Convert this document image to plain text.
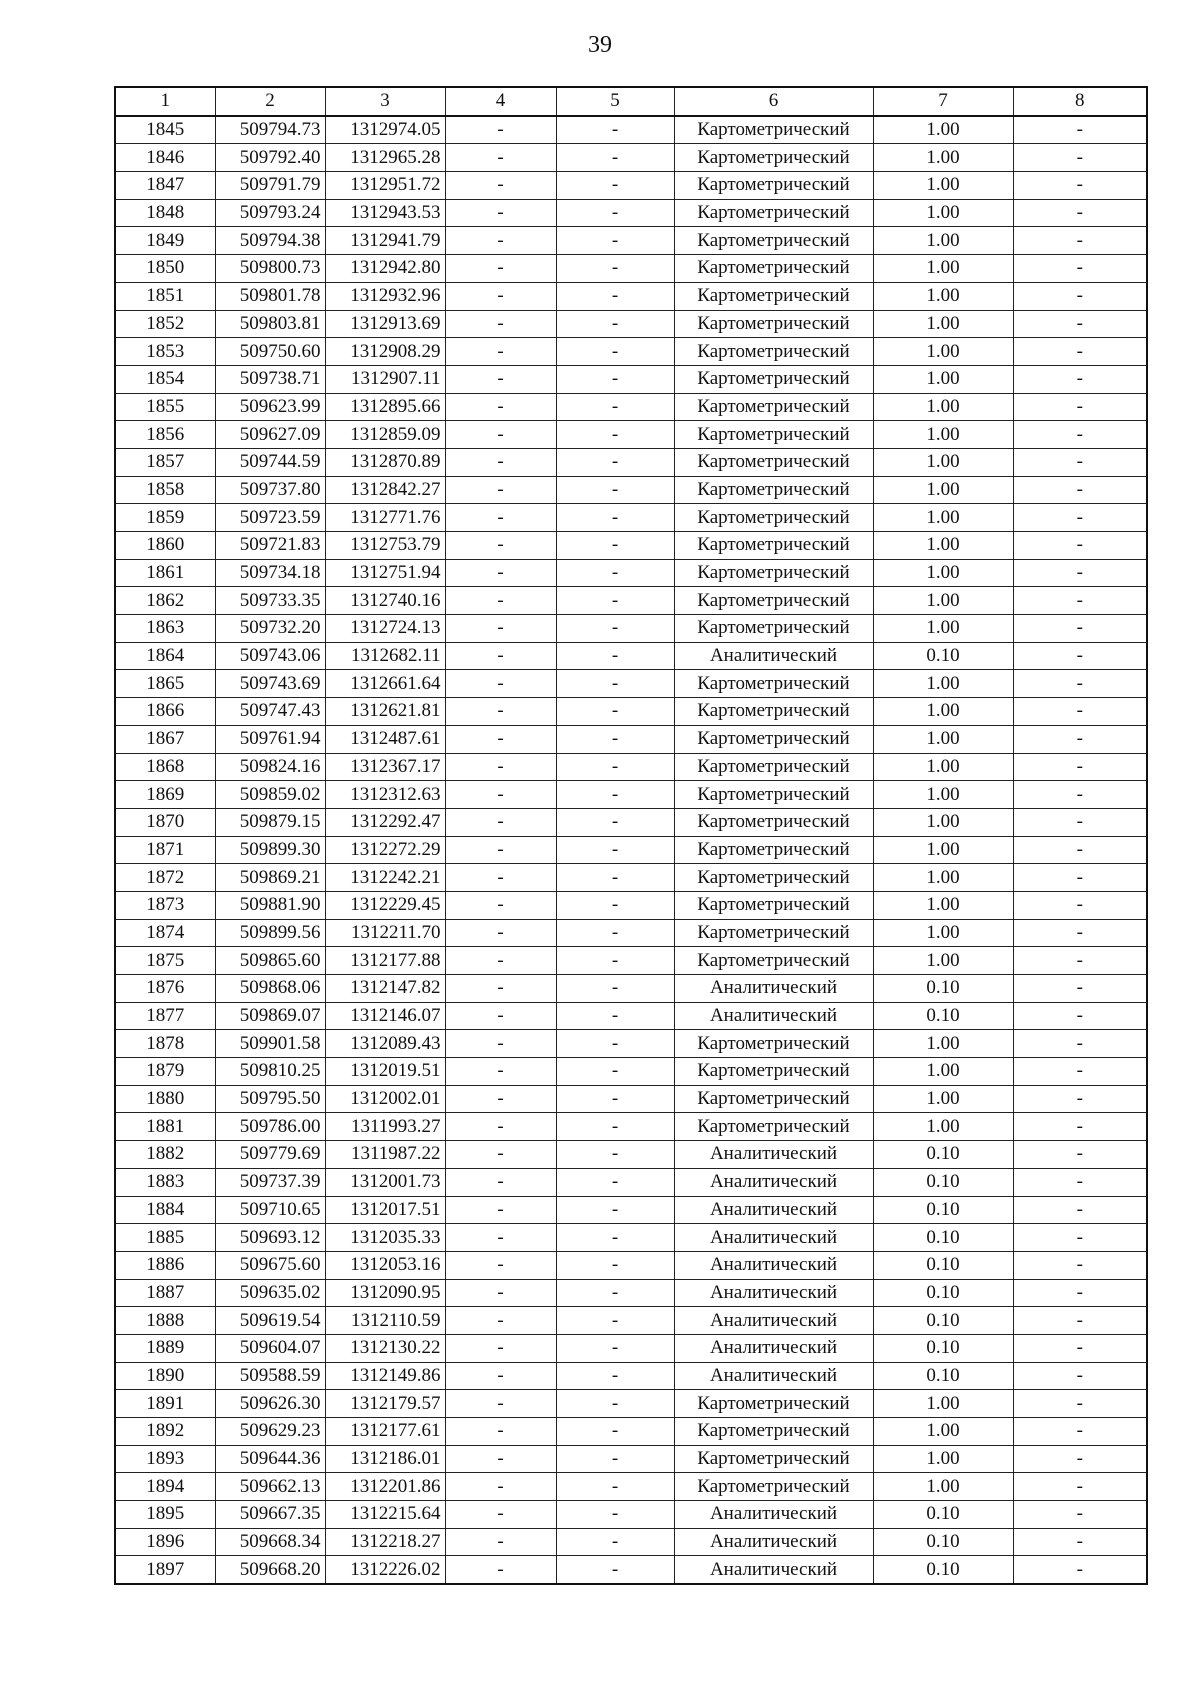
39
1	2	3	4	5	6	7	8
1845	509794.73	1312974.05	-	-	Картометрический	1.00	-
1846	509792.40	1312965.28	-	-	Картометрический	1.00	-
1847	509791.79	1312951.72	-	-	Картометрический	1.00	-
1848	509793.24	1312943.53	-	-	Картометрический	1.00	-
1849	509794.38	1312941.79	-	-	Картометрический	1.00	-
1850	509800.73	1312942.80	-	-	Картометрический	1.00	-
1851	509801.78	1312932.96	-	-	Картометрический	1.00	-
1852	509803.81	1312913.69	-	-	Картометрический	1.00	-
1853	509750.60	1312908.29	-	-	Картометрический	1.00	-
1854	509738.71	1312907.11	-	-	Картометрический	1.00	-
1855	509623.99	1312895.66	-	-	Картометрический	1.00	-
1856	509627.09	1312859.09	-	-	Картометрический	1.00	-
1857	509744.59	1312870.89	-	-	Картометрический	1.00	-
1858	509737.80	1312842.27	-	-	Картометрический	1.00	-
1859	509723.59	1312771.76	-	-	Картометрический	1.00	-
1860	509721.83	1312753.79	-	-	Картометрический	1.00	-
1861	509734.18	1312751.94	-	-	Картометрический	1.00	-
1862	509733.35	1312740.16	-	-	Картометрический	1.00	-
1863	509732.20	1312724.13	-	-	Картометрический	1.00	-
1864	509743.06	1312682.11	-	-	Аналитический	0.10	-
1865	509743.69	1312661.64	-	-	Картометрический	1.00	-
1866	509747.43	1312621.81	-	-	Картометрический	1.00	-
1867	509761.94	1312487.61	-	-	Картометрический	1.00	-
1868	509824.16	1312367.17	-	-	Картометрический	1.00	-
1869	509859.02	1312312.63	-	-	Картометрический	1.00	-
1870	509879.15	1312292.47	-	-	Картометрический	1.00	-
1871	509899.30	1312272.29	-	-	Картометрический	1.00	-
1872	509869.21	1312242.21	-	-	Картометрический	1.00	-
1873	509881.90	1312229.45	-	-	Картометрический	1.00	-
1874	509899.56	1312211.70	-	-	Картометрический	1.00	-
1875	509865.60	1312177.88	-	-	Картометрический	1.00	-
1876	509868.06	1312147.82	-	-	Аналитический	0.10	-
1877	509869.07	1312146.07	-	-	Аналитический	0.10	-
1878	509901.58	1312089.43	-	-	Картометрический	1.00	-
1879	509810.25	1312019.51	-	-	Картометрический	1.00	-
1880	509795.50	1312002.01	-	-	Картометрический	1.00	-
1881	509786.00	1311993.27	-	-	Картометрический	1.00	-
1882	509779.69	1311987.22	-	-	Аналитический	0.10	-
1883	509737.39	1312001.73	-	-	Аналитический	0.10	-
1884	509710.65	1312017.51	-	-	Аналитический	0.10	-
1885	509693.12	1312035.33	-	-	Аналитический	0.10	-
1886	509675.60	1312053.16	-	-	Аналитический	0.10	-
1887	509635.02	1312090.95	-	-	Аналитический	0.10	-
1888	509619.54	1312110.59	-	-	Аналитический	0.10	-
1889	509604.07	1312130.22	-	-	Аналитический	0.10	-
1890	509588.59	1312149.86	-	-	Аналитический	0.10	-
1891	509626.30	1312179.57	-	-	Картометрический	1.00	-
1892	509629.23	1312177.61	-	-	Картометрический	1.00	-
1893	509644.36	1312186.01	-	-	Картометрический	1.00	-
1894	509662.13	1312201.86	-	-	Картометрический	1.00	-
1895	509667.35	1312215.64	-	-	Аналитический	0.10	-
1896	509668.34	1312218.27	-	-	Аналитический	0.10	-
1897	509668.20	1312226.02	-	-	Аналитический	0.10	-
